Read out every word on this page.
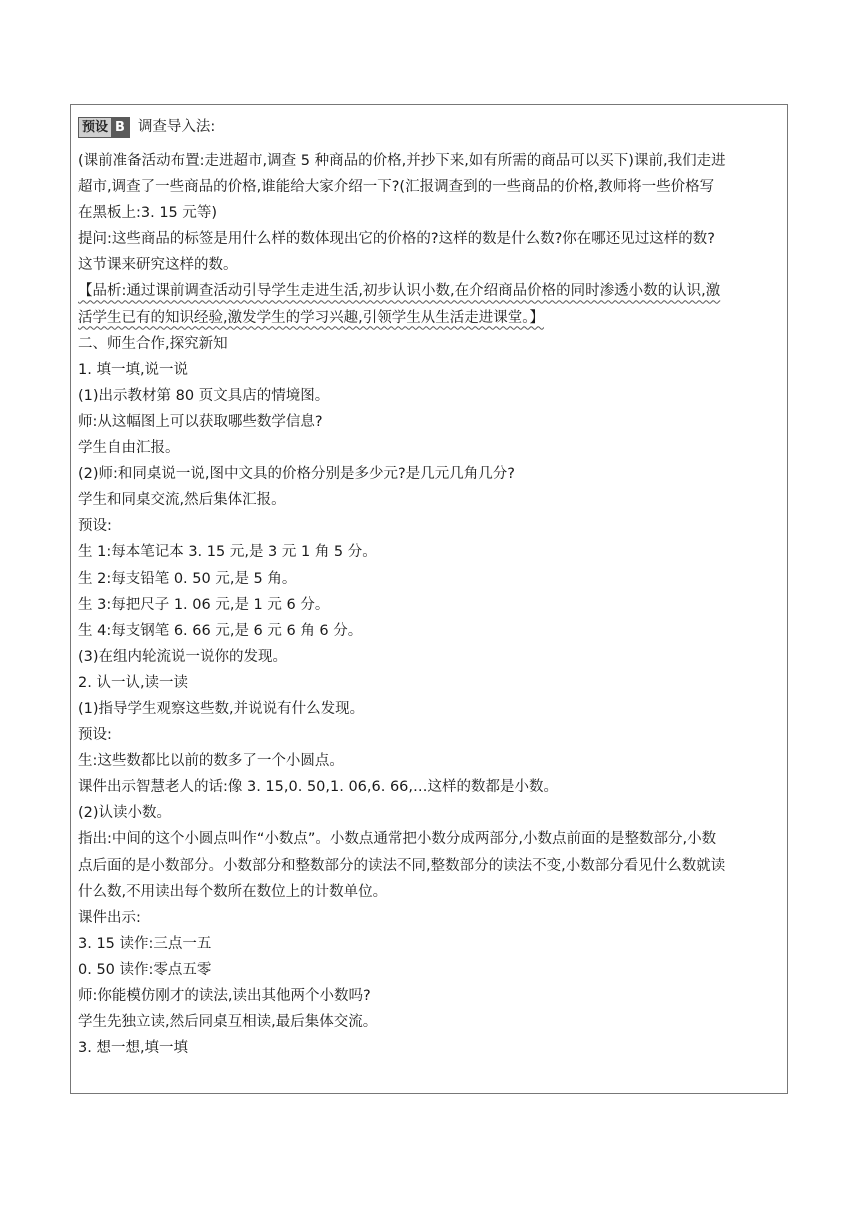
预设 B 调查导入法:
(课前准备活动布置:走进超市,调查 5 种商品的价格,并抄下来,如有所需的商品可以买下)课前,我们走进
超市,调查了一些商品的价格,谁能给大家介绍一下?(汇报调查到的一些商品的价格,教师将一些价格写
在黑板上:3. 15 元等)
提问:这些商品的标签是用什么样的数体现出它的价格的?这样的数是什么数?你在哪还见过这样的数?
这节课来研究这样的数。
【品析:通过课前调查活动引导学生走进生活,初步认识小数,在介绍商品价格的同时渗透小数的认识,激
活学生已有的知识经验,激发学生的学习兴趣,引领学生从生活走进课堂。】
二、师生合作,探究新知
1. 填一填,说一说
(1)出示教材第 80 页文具店的情境图。
师:从这幅图上可以获取哪些数学信息?
学生自由汇报。
(2)师:和同桌说一说,图中文具的价格分别是多少元?是几元几角几分?
学生和同桌交流,然后集体汇报。
预设:
生 1:每本笔记本 3. 15 元,是 3 元 1 角 5 分。
生 2:每支铅笔 0. 50 元,是 5 角。
生 3:每把尺子 1. 06 元,是 1 元 6 分。
生 4:每支钢笔 6. 66 元,是 6 元 6 角 6 分。
(3)在组内轮流说一说你的发现。
2. 认一认,读一读
(1)指导学生观察这些数,并说说有什么发现。
预设:
生:这些数都比以前的数多了一个小圆点。
课件出示智慧老人的话:像 3. 15,0. 50,1. 06,6. 66,…这样的数都是小数。
(2)认读小数。
指出:中间的这个小圆点叫作“小数点”。小数点通常把小数分成两部分,小数点前面的是整数部分,小数
点后面的是小数部分。小数部分和整数部分的读法不同,整数部分的读法不变,小数部分看见什么数就读
什么数,不用读出每个数所在数位上的计数单位。
课件出示:
3. 15 读作:三点一五
0. 50 读作:零点五零
师:你能模仿刚才的读法,读出其他两个小数吗?
学生先独立读,然后同桌互相读,最后集体交流。
3. 想一想,填一填
